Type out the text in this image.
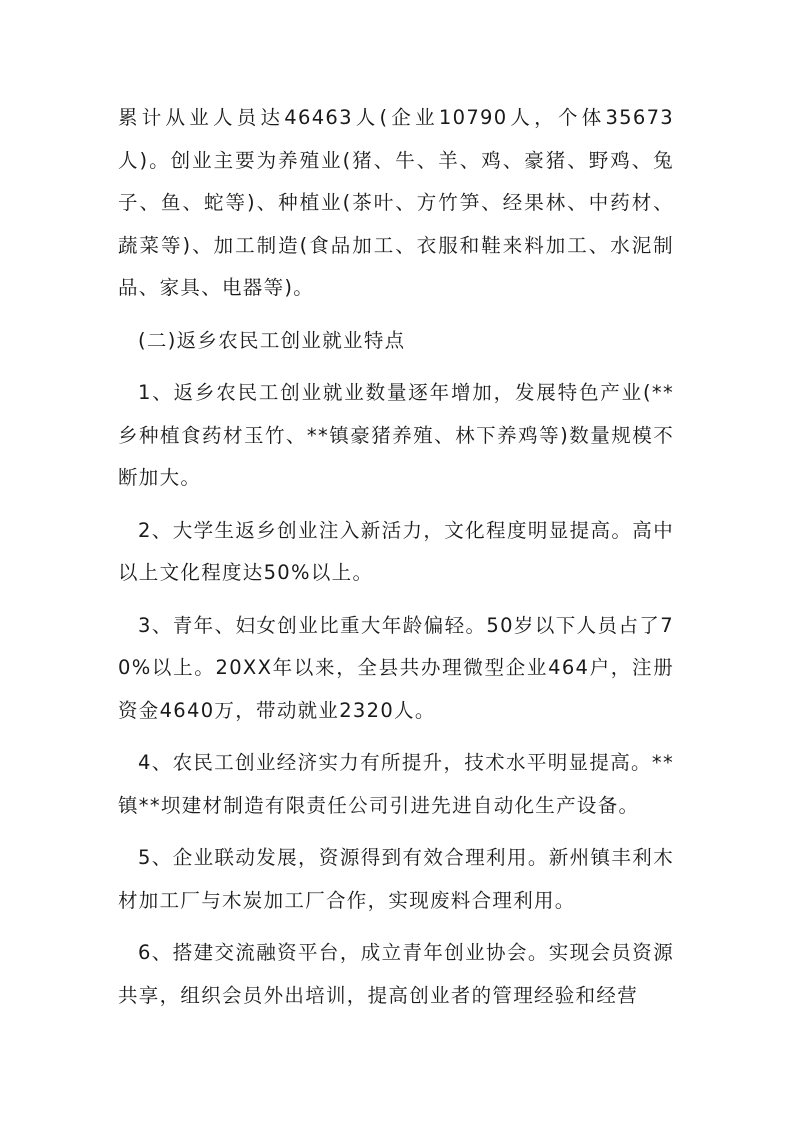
累计从业人员达46463人(企业10790人，个体35673人)。创业主要为养殖业(猪、牛、羊、鸡、豪猪、野鸡、兔子、鱼、蛇等)、种植业(茶叶、方竹笋、经果林、中药材、蔬菜等)、加工制造(食品加工、衣服和鞋来料加工、水泥制品、家具、电器等)。

(二)返乡农民工创业就业特点

1、返乡农民工创业就业数量逐年增加，发展特色产业(**乡种植食药材玉竹、**镇豪猪养殖、林下养鸡等)数量规模不断加大。

2、大学生返乡创业注入新活力，文化程度明显提高。高中以上文化程度达50%以上。

3、青年、妇女创业比重大年龄偏轻。50岁以下人员占了70%以上。20XX年以来，全县共办理微型企业464户，注册资金4640万，带动就业2320人。

4、农民工创业经济实力有所提升，技术水平明显提高。**镇**坝建材制造有限责任公司引进先进自动化生产设备。

5、企业联动发展，资源得到有效合理利用。新州镇丰利木材加工厂与木炭加工厂合作，实现废料合理利用。

6、搭建交流融资平台，成立青年创业协会。实现会员资源共享，组织会员外出培训，提高创业者的管理经验和经营
